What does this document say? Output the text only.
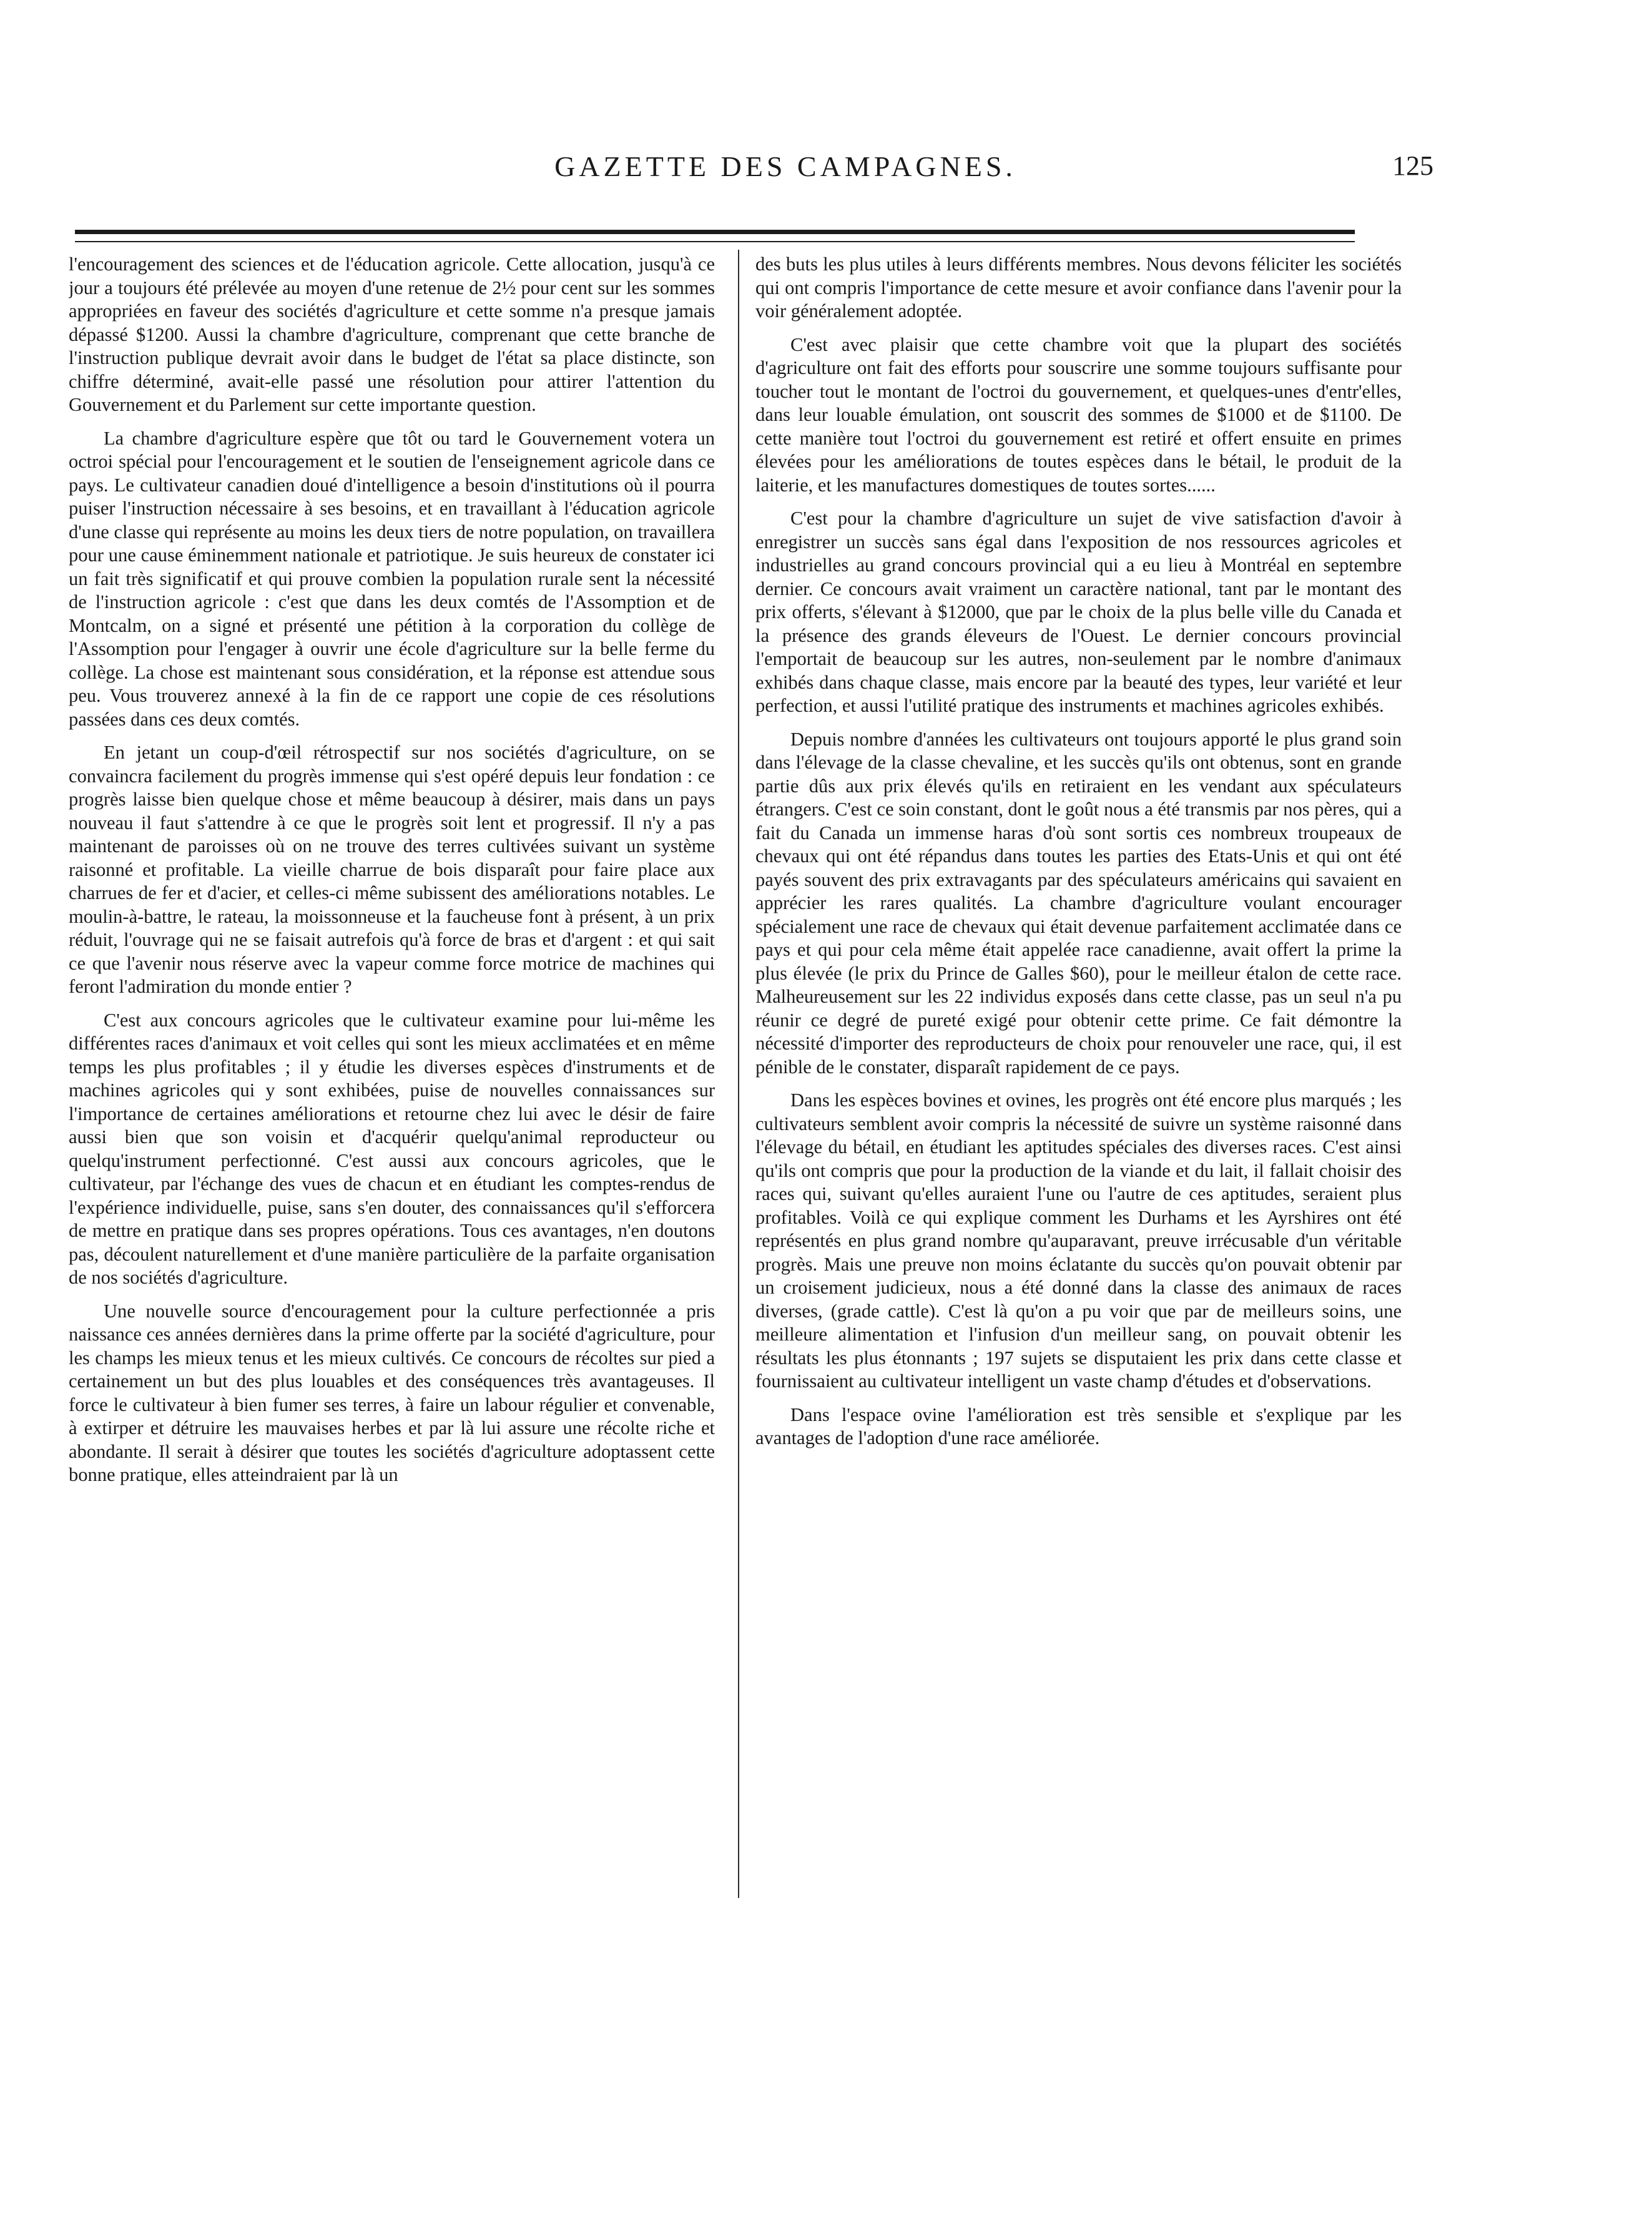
GAZETTE DES CAMPAGNES.	125

l'encouragement des sciences et de l'éducation agricole. Cette allocation, jusqu'à ce jour a toujours été prélevée au moyen d'une retenue de 2½ pour cent sur les sommes appropriées en faveur des sociétés d'agriculture et cette somme n'a presque jamais dépassé $1200. Aussi la chambre d'agriculture, comprenant que cette branche de l'instruction publique devrait avoir dans le budget de l'état sa place distincte, son chiffre déterminé, avait-elle passé une résolution pour attirer l'attention du Gouvernement et du Parlement sur cette importante question.

La chambre d'agriculture espère que tôt ou tard le Gouvernement votera un octroi spécial pour l'encouragement et le soutien de l'enseignement agricole dans ce pays. Le cultivateur canadien doué d'intelligence a besoin d'institutions où il pourra puiser l'instruction nécessaire à ses besoins, et en travaillant à l'éducation agricole d'une classe qui représente au moins les deux tiers de notre population, on travaillera pour une cause éminemment nationale et patriotique. Je suis heureux de constater ici un fait très significatif et qui prouve combien la population rurale sent la nécessité de l'instruction agricole : c'est que dans les deux comtés de l'Assomption et de Montcalm, on a signé et présenté une pétition à la corporation du collège de l'Assomption pour l'engager à ouvrir une école d'agriculture sur la belle ferme du collège. La chose est maintenant sous considération, et la réponse est attendue sous peu. Vous trouverez annexé à la fin de ce rapport une copie de ces résolutions passées dans ces deux comtés.

En jetant un coup-d'œil rétrospectif sur nos sociétés d'agriculture, on se convaincra facilement du progrès immense qui s'est opéré depuis leur fondation : ce progrès laisse bien quelque chose et même beaucoup à désirer, mais dans un pays nouveau il faut s'attendre à ce que le progrès soit lent et progressif. Il n'y a pas maintenant de paroisses où on ne trouve des terres cultivées suivant un système raisonné et profitable. La vieille charrue de bois disparaît pour faire place aux charrues de fer et d'acier, et celles-ci même subissent des améliorations notables. Le moulin-à-battre, le rateau, la moissonneuse et la faucheuse font à présent, à un prix réduit, l'ouvrage qui ne se faisait autrefois qu'à force de bras et d'argent : et qui sait ce que l'avenir nous réserve avec la vapeur comme force motrice de machines qui feront l'admiration du monde entier ?

C'est aux concours agricoles que le cultivateur examine pour lui-même les différentes races d'animaux et voit celles qui sont les mieux acclimatées et en même temps les plus profitables ; il y étudie les diverses espèces d'instruments et de machines agricoles qui y sont exhibées, puise de nouvelles connaissances sur l'importance de certaines améliorations et retourne chez lui avec le désir de faire aussi bien que son voisin et d'acquérir quelqu'animal reproducteur ou quelqu'instrument perfectionné. C'est aussi aux concours agricoles, que le cultivateur, par l'échange des vues de chacun et en étudiant les comptes-rendus de l'expérience individuelle, puise, sans s'en douter, des connaissances qu'il s'efforcera de mettre en pratique dans ses propres opérations. Tous ces avantages, n'en doutons pas, découlent naturellement et d'une manière particulière de la parfaite organisation de nos sociétés d'agriculture.

Une nouvelle source d'encouragement pour la culture perfectionnée a pris naissance ces années dernières dans la prime offerte par la société d'agriculture, pour les champs les mieux tenus et les mieux cultivés. Ce concours de récoltes sur pied a certainement un but des plus louables et des conséquences très avantageuses. Il force le cultivateur à bien fumer ses terres, à faire un labour régulier et convenable, à extirper et détruire les mauvaises herbes et par là lui assure une récolte riche et abondante. Il serait à désirer que toutes les sociétés d'agriculture adoptassent cette bonne pratique, elles atteindraient par là un

des buts les plus utiles à leurs différents membres. Nous devons féliciter les sociétés qui ont compris l'importance de cette mesure et avoir confiance dans l'avenir pour la voir généralement adoptée.

C'est avec plaisir que cette chambre voit que la plupart des sociétés d'agriculture ont fait des efforts pour souscrire une somme toujours suffisante pour toucher tout le montant de l'octroi du gouvernement, et quelques-unes d'entr'elles, dans leur louable émulation, ont souscrit des sommes de $1000 et de $1100. De cette manière tout l'octroi du gouvernement est retiré et offert ensuite en primes élevées pour les améliorations de toutes espèces dans le bétail, le produit de la laiterie, et les manufactures domestiques de toutes sortes......

C'est pour la chambre d'agriculture un sujet de vive satisfaction d'avoir à enregistrer un succès sans égal dans l'exposition de nos ressources agricoles et industrielles au grand concours provincial qui a eu lieu à Montréal en septembre dernier. Ce concours avait vraiment un caractère national, tant par le montant des prix offerts, s'élevant à $12000, que par le choix de la plus belle ville du Canada et la présence des grands éleveurs de l'Ouest. Le dernier concours provincial l'emportait de beaucoup sur les autres, non-seulement par le nombre d'animaux exhibés dans chaque classe, mais encore par la beauté des types, leur variété et leur perfection, et aussi l'utilité pratique des instruments et machines agricoles exhibés.

Depuis nombre d'années les cultivateurs ont toujours apporté le plus grand soin dans l'élevage de la classe chevaline, et les succès qu'ils ont obtenus, sont en grande partie dûs aux prix élevés qu'ils en retiraient en les vendant aux spéculateurs étrangers. C'est ce soin constant, dont le goût nous a été transmis par nos pères, qui a fait du Canada un immense haras d'où sont sortis ces nombreux troupeaux de chevaux qui ont été répandus dans toutes les parties des Etats-Unis et qui ont été payés souvent des prix extravagants par des spéculateurs américains qui savaient en apprécier les rares qualités. La chambre d'agriculture voulant encourager spécialement une race de chevaux qui était devenue parfaitement acclimatée dans ce pays et qui pour cela même était appelée race canadienne, avait offert la prime la plus élevée (le prix du Prince de Galles $60), pour le meilleur étalon de cette race. Malheureusement sur les 22 individus exposés dans cette classe, pas un seul n'a pu réunir ce degré de pureté exigé pour obtenir cette prime. Ce fait démontre la nécessité d'importer des reproducteurs de choix pour renouveler une race, qui, il est pénible de le constater, disparaît rapidement de ce pays.

Dans les espèces bovines et ovines, les progrès ont été encore plus marqués ; les cultivateurs semblent avoir compris la nécessité de suivre un système raisonné dans l'élevage du bétail, en étudiant les aptitudes spéciales des diverses races. C'est ainsi qu'ils ont compris que pour la production de la viande et du lait, il fallait choisir des races qui, suivant qu'elles auraient l'une ou l'autre de ces aptitudes, seraient plus profitables. Voilà ce qui explique comment les Durhams et les Ayrshires ont été représentés en plus grand nombre qu'auparavant, preuve irrécusable d'un véritable progrès. Mais une preuve non moins éclatante du succès qu'on pouvait obtenir par un croisement judicieux, nous a été donné dans la classe des animaux de races diverses, (grade cattle). C'est là qu'on a pu voir que par de meilleurs soins, une meilleure alimentation et l'infusion d'un meilleur sang, on pouvait obtenir les résultats les plus étonnants ; 197 sujets se disputaient les prix dans cette classe et fournissaient au cultivateur intelligent un vaste champ d'études et d'observations.

Dans l'espace ovine l'amélioration est très sensible et s'explique par les avantages de l'adoption d'une race améliorée.
